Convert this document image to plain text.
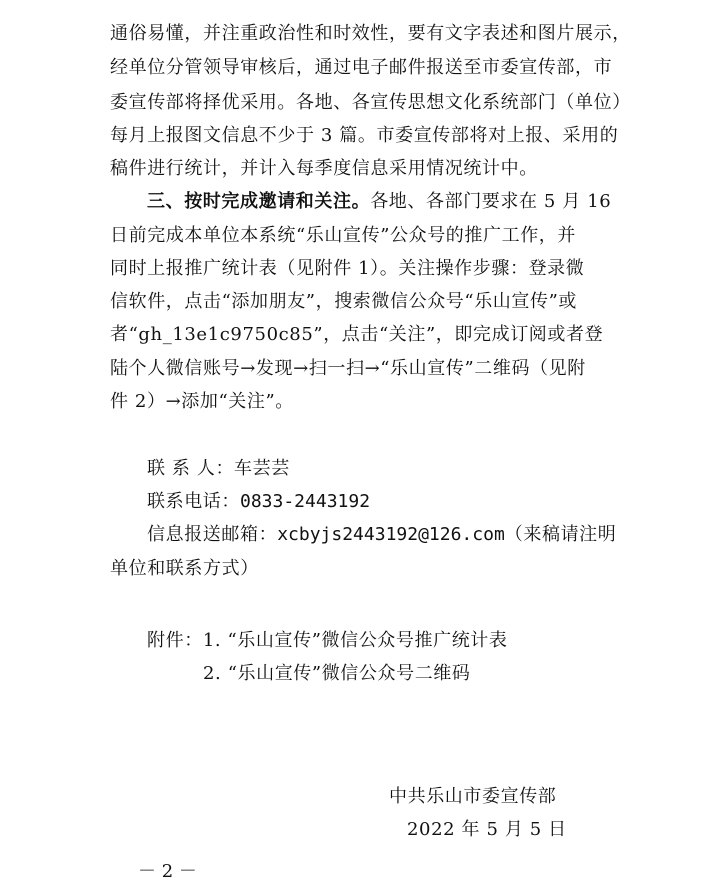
通俗易懂，并注重政治性和时效性，要有文字表述和图片展示，
经单位分管领导审核后，通过电子邮件报送至市委宣传部，市
委宣传部将择优采用。各地、各宣传思想文化系统部门（单位）
每月上报图文信息不少于 3 篇。市委宣传部将对上报、采用的
稿件进行统计，并计入每季度信息采用情况统计中。
三、按时完成邀请和关注。各地、各部门要求在 5 月 16
日前完成本单位本系统“乐山宣传”公众号的推广工作，并
同时上报推广统计表（见附件 1）。关注操作步骤：登录微
信软件，点击“添加朋友”，搜索微信公众号“乐山宣传”或
者“gh_13e1c9750c85”，点击“关注”，即完成订阅或者登
陆个人微信账号→发现→扫一扫→“乐山宣传”二维码（见附
件 2）→添加“关注”。
联 系 人：车芸芸
联系电话：0833-2443192
信息报送邮箱：xcbyjs2443192@126.com（来稿请注明
单位和联系方式）
附件：1. “乐山宣传”微信公众号推广统计表
2. “乐山宣传”微信公众号二维码
中共乐山市委宣传部
2022 年 5 月 5 日
－ 2 －
